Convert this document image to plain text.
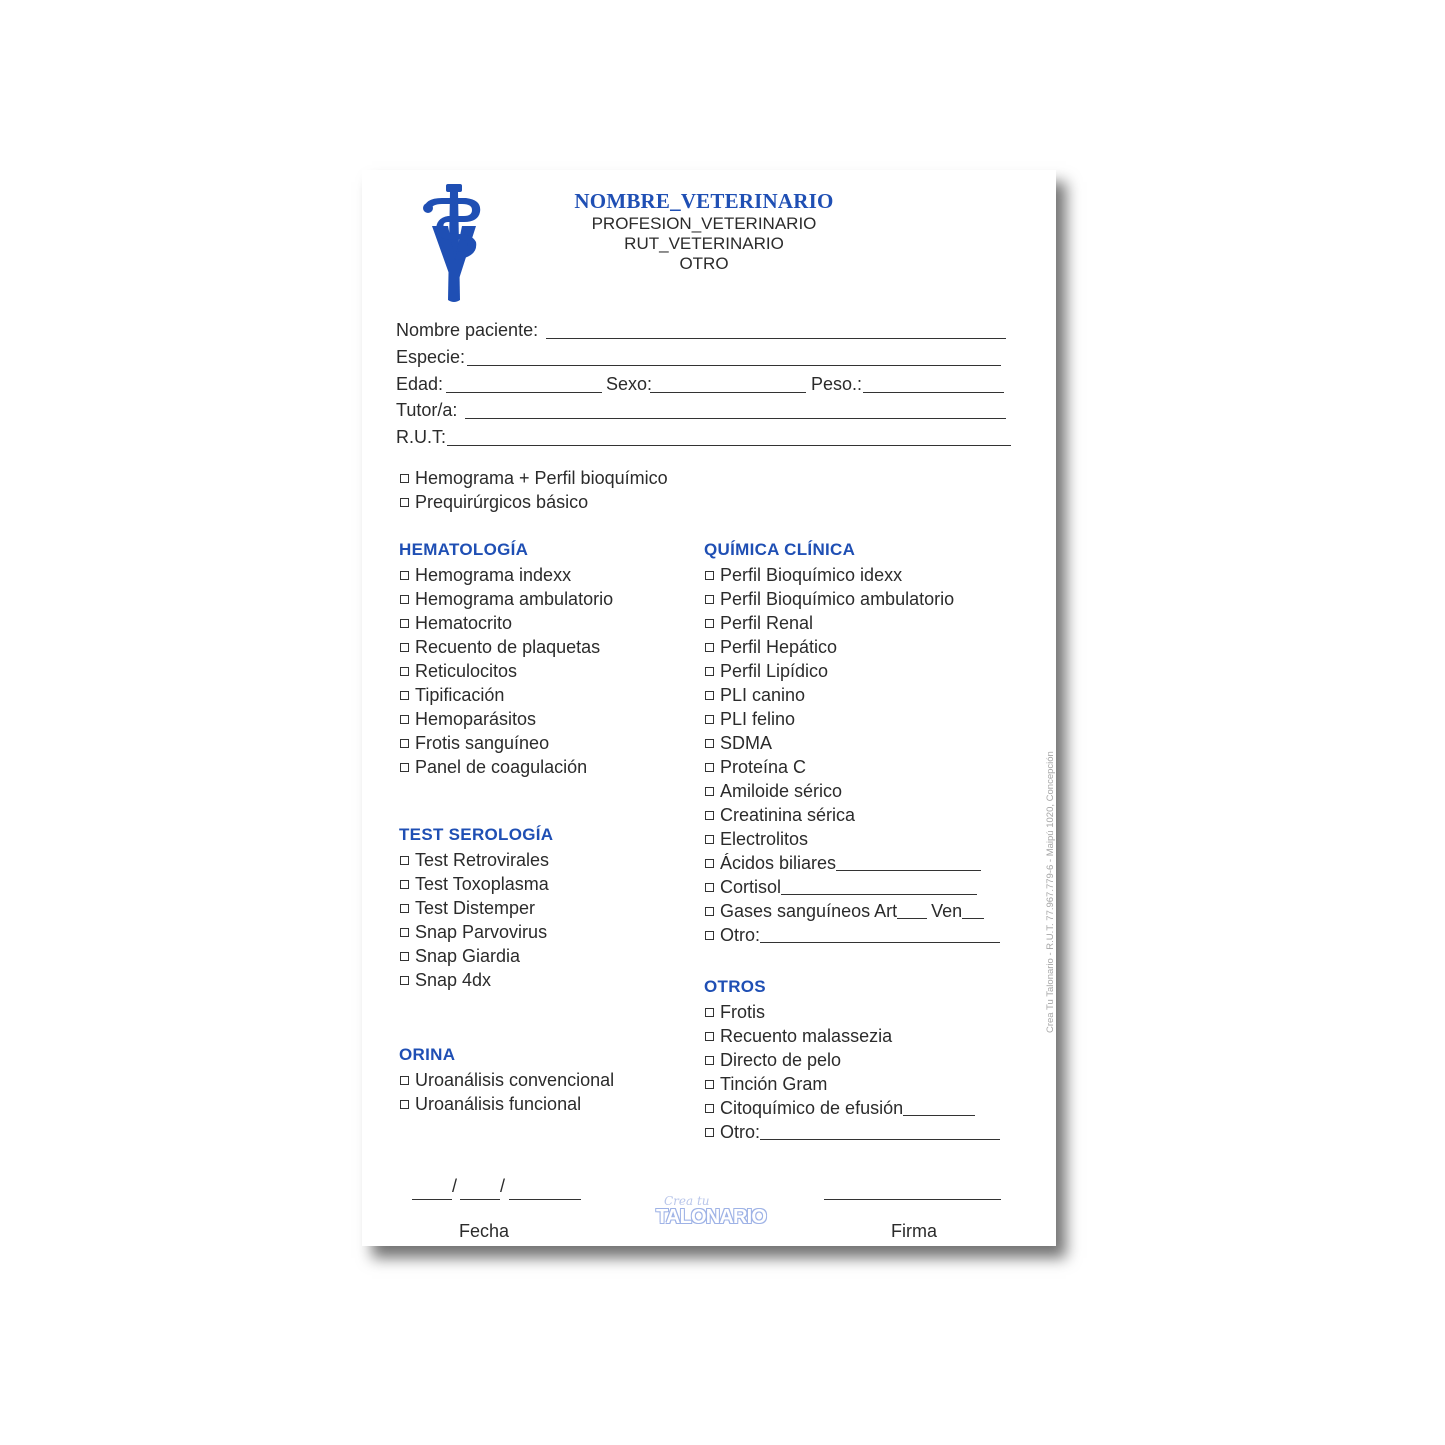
NOMBRE_VETERINARIO
PROFESION_VETERINARIO
RUT_VETERINARIO
OTRO
Nombre paciente:
Especie:
Edad:	Sexo:	Peso.:
Tutor/a:
R.U.T:
Hemograma + Perfil bioquímico
Prequirúrgicos básico
HEMATOLOGÍA
Hemograma indexx
Hemograma ambulatorio
Hematocrito
Recuento de plaquetas
Reticulocitos
Tipificación
Hemoparásitos
Frotis sanguíneo
Panel de coagulación
TEST SEROLOGÍA
Test Retrovirales
Test Toxoplasma
Test Distemper
Snap Parvovirus
Snap Giardia
Snap 4dx
ORINA
Uroanálisis convencional
Uroanálisis funcional
QUÍMICA CLÍNICA
Perfil Bioquímico idexx
Perfil Bioquímico ambulatorio
Perfil Renal
Perfil Hepático
Perfil Lipídico
PLI canino
PLI felino
SDMA
Proteína C
Amiloide sérico
Creatinina sérica
Electrolitos
Ácidos biliares
Cortisol
Gases sanguíneos Art Ven
Otro:
OTROS
Frotis
Recuento malassezia
Directo de pelo
Tinción Gram
Citoquímico de efusión
Otro:
/ /
Fecha
Crea tu
TALONARIO
Firma
Crea Tu Talonario - R.U.T. 77.967.779-6 - Maipú 1020, Concepción
